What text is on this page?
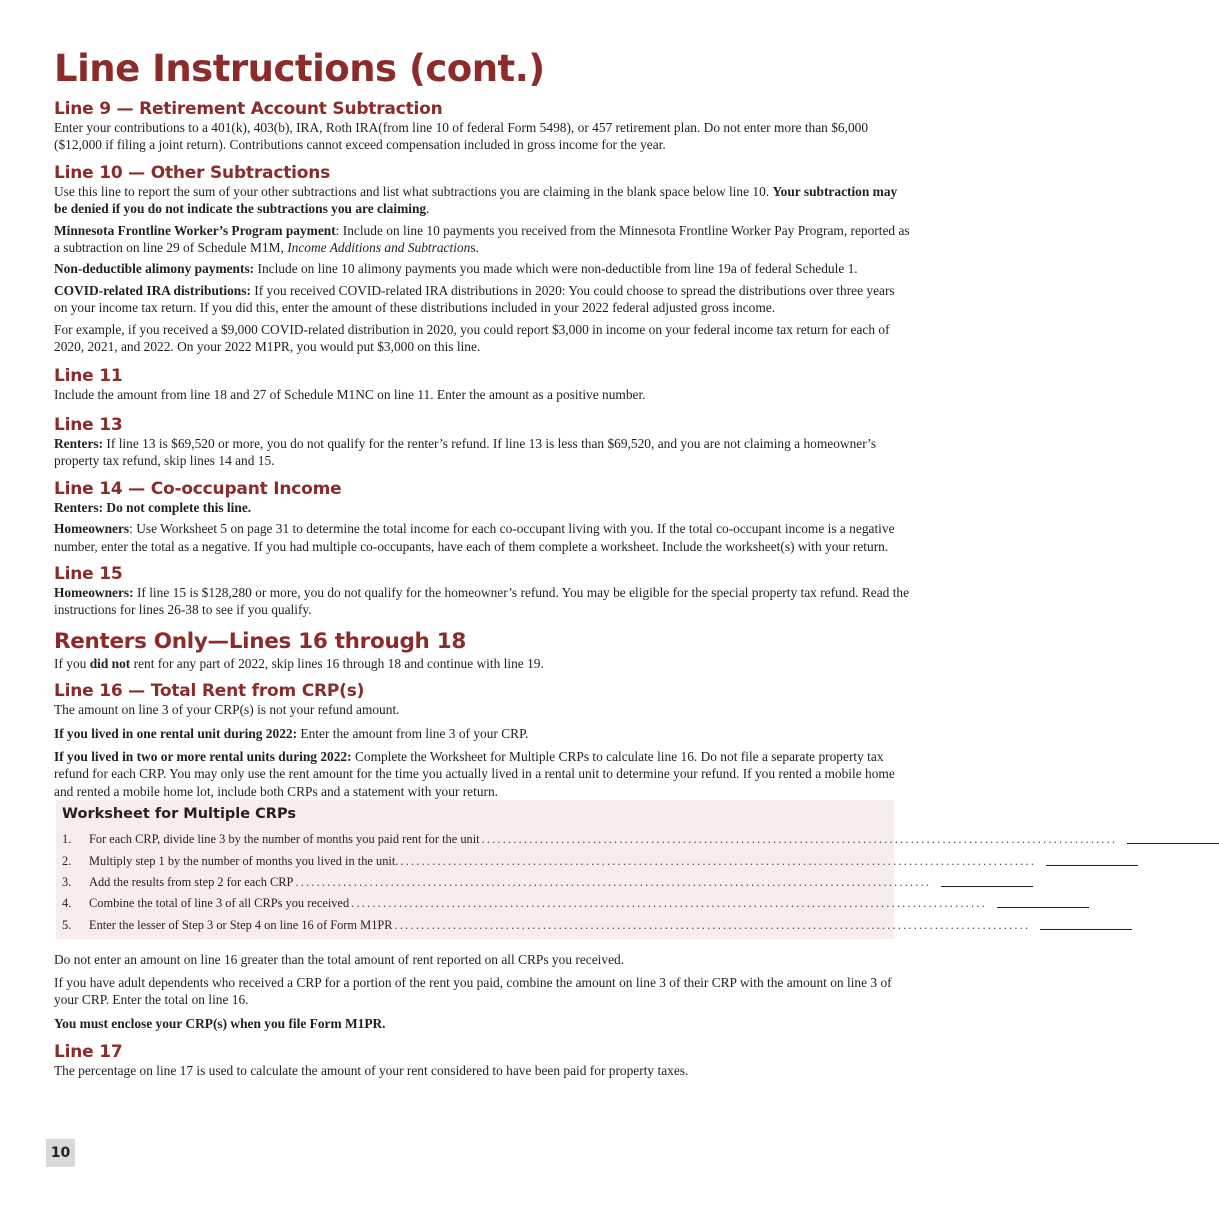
Line Instructions (cont.)
Line 9 — Retirement Account Subtraction

Enter your contributions to a 401(k), 403(b), IRA, Roth IRA(from line 10 of federal Form 5498), or 457 retirement plan. Do not enter more than $6,000 ($12,000 if filing a joint return). Contributions cannot exceed compensation included in gross income for the year.

Line 10 — Other Subtractions

Use this line to report the sum of your other subtractions and list what subtractions you are claiming in the blank space below line 10. Your subtraction may be denied if you do not indicate the subtractions you are claiming.

Minnesota Frontline Worker’s Program payment: Include on line 10 payments you received from the Minnesota Frontline Worker Pay Program, reported as a subtraction on line 29 of Schedule M1M, Income Additions and Subtractions.

Non-deductible alimony payments: Include on line 10 alimony payments you made which were non-deductible from line 19a of federal Schedule 1.

COVID-related IRA distributions: If you received COVID-related IRA distributions in 2020: You could choose to spread the distributions over three years on your income tax return. If you did this, enter the amount of these distributions included in your 2022 federal adjusted gross income.

For example, if you received a $9,000 COVID-related distribution in 2020, you could report $3,000 in income on your federal income tax return for each of 2020, 2021, and 2022. On your 2022 M1PR, you would put $3,000 on this line.

Line 11

Include the amount from line 18 and 27 of Schedule M1NC on line 11. Enter the amount as a positive number.

Line 13

Renters: If line 13 is $69,520 or more, you do not qualify for the renter’s refund. If line 13 is less than $69,520, and you are not claiming a homeowner’s property tax refund, skip lines 14 and 15.

Line 14 — Co-occupant Income

Renters: Do not complete this line.

Homeowners: Use Worksheet 5 on page 31 to determine the total income for each co-occupant living with you. If the total co-occupant income is a negative number, enter the total as a negative. If you had multiple co-occupants, have each of them complete a worksheet. Include the worksheet(s) with your return.

Line 15

Homeowners: If line 15 is $128,280 or more, you do not qualify for the homeowner’s refund. You may be eligible for the special property tax refund. Read the instructions for lines 26-38 to see if you qualify.

Renters Only—Lines 16 through 18

If you did not rent for any part of 2022, skip lines 16 through 18 and continue with line 19.

Line 16 — Total Rent from CRP(s)

The amount on line 3 of your CRP(s) is not your refund amount.

If you lived in one rental unit during 2022: Enter the amount from line 3 of your CRP.

If you lived in two or more rental units during 2022: Complete the Worksheet for Multiple CRPs to calculate line 16. Do not file a separate property tax refund for each CRP. You may only use the rent amount for the time you actually lived in a rental unit to determine your refund. If you rented a mobile home and rented a mobile home lot, include both CRPs and a statement with your return.

Worksheet for Multiple CRPs
1.	For each CRP, divide line 3 by the number of months you paid rent for the unit ........................................................................................................................
2.	Multiply step 1 by the number of months you lived in the unit. ........................................................................................................................
3.	Add the results from step 2 for each CRP ........................................................................................................................
4.	Combine the total of line 3 of all CRPs you received ........................................................................................................................
5.	Enter the lesser of Step 3 or Step 4 on line 16 of Form M1PR ........................................................................................................................

Do not enter an amount on line 16 greater than the total amount of rent reported on all CRPs you received.

If you have adult dependents who received a CRP for a portion of the rent you paid, combine the amount on line 3 of their CRP with the amount on line 3 of your CRP. Enter the total on line 16.

You must enclose your CRP(s) when you file Form M1PR.

Line 17

The percentage on line 17 is used to calculate the amount of your rent considered to have been paid for property taxes.

10
